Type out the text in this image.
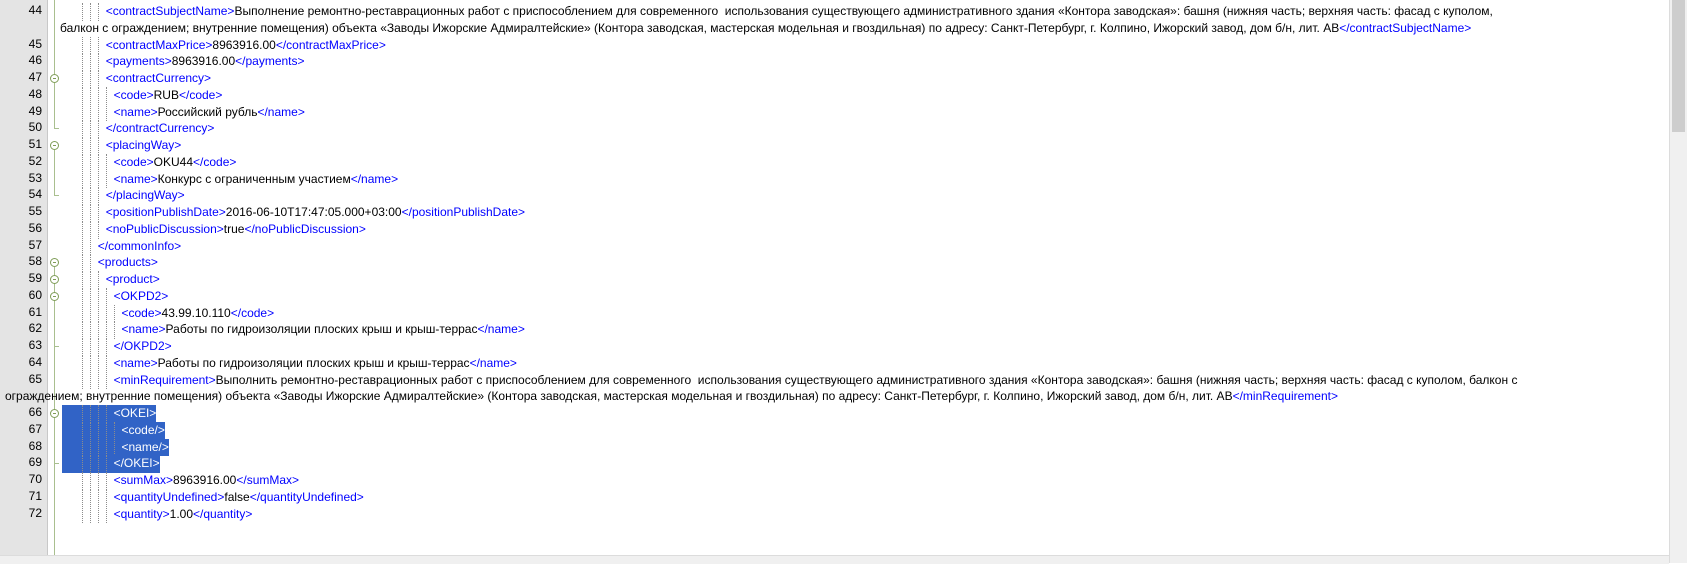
44
45
46
47
48
49
50
51
52
53
54
55
56
57
58
59
60
61
62
63
64
65
66
67
68
69
70
71
72
<contractSubjectName>Выполнение ремонтно-реставрационных работ с приспособлением для современного  использования существующего административного здания «Контора заводская»: башня (нижняя часть; верхняя часть: фасад с куполом,
балкон с ограждением; внутренние помещения) объекта «Заводы Ижорские Адмиралтейские» (Контора заводская, мастерская модельная и гвоздильная) по адресу: Санкт-Петербург, г. Колпино, Ижорский завод, дом б/н, лит. АВ</contractSubjectName>
<contractMaxPrice>8963916.00</contractMaxPrice>
<payments>8963916.00</payments>
<contractCurrency>
<code>RUB</code>
<name>Российский рубль</name>
</contractCurrency>
<placingWay>
<code>OKU44</code>
<name>Конкурс с ограниченным участием</name>
</placingWay>
<positionPublishDate>2016-06-10T17:47:05.000+03:00</positionPublishDate>
<noPublicDiscussion>true</noPublicDiscussion>
</commonInfo>
<products>
<product>
<OKPD2>
<code>43.99.10.110</code>
<name>Работы по гидроизоляции плоских крыш и крыш-террас</name>
</OKPD2>
<name>Работы по гидроизоляции плоских крыш и крыш-террас</name>
<minRequirement>Выполнить ремонтно-реставрационных работ с приспособлением для современного  использования существующего административного здания «Контора заводская»: башня (нижняя часть; верхняя часть: фасад с куполом, балкон с
ограждением; внутренние помещения) объекта «Заводы Ижорские Адмиралтейские» (Контора заводская, мастерская модельная и гвоздильная) по адресу: Санкт-Петербург, г. Колпино, Ижорский завод, дом б/н, лит. АВ</minRequirement>
<OKEI>
<code/>
<name/>
</OKEI>
<sumMax>8963916.00</sumMax>
<quantityUndefined>false</quantityUndefined>
<quantity>1.00</quantity>
